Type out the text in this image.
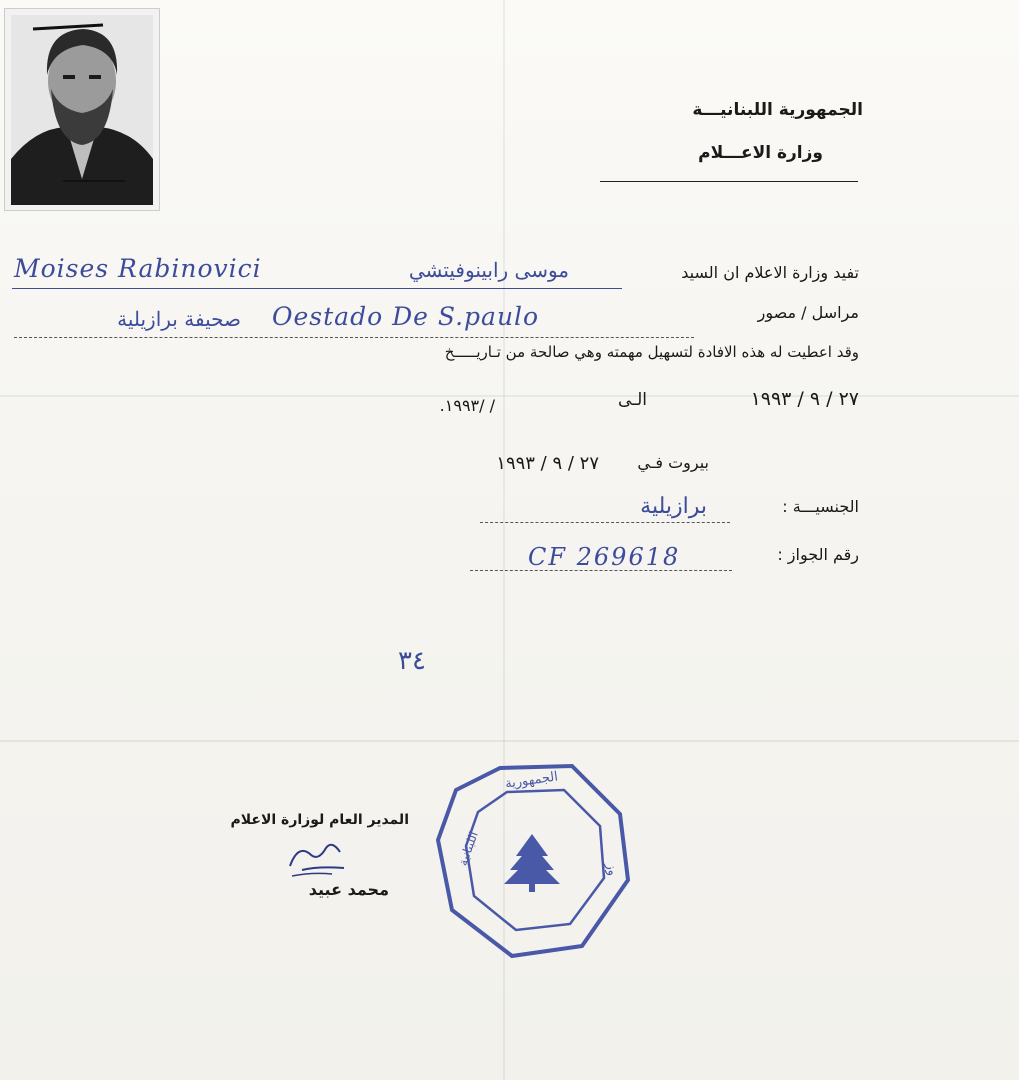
الجمهورية اللبنانيـــة
وزارة الاعـــلام
تفيد وزارة الاعلام ان السيد
Moises Rabinovici	موسى رابينوفيتشي
مراسل / مصور
Oestado De S.paulo
صحيفة برازيلية
وقد اعطيت له هذه الافادة لتسهيل مهمته وهي صالحة من تـاريـــــخ
٢٧ / ٩ / ١٩٩٣
الـى
/ /١٩٩٣.
بيروت فـي
٢٧ / ٩ / ١٩٩٣
الجنسيـــة :
برازيلية
رقم الجواز :
CF 269618
٣٤
المدير العام لوزارة الاعلام
محمد عبيد
الجمهورية
اللبنانية
وز
